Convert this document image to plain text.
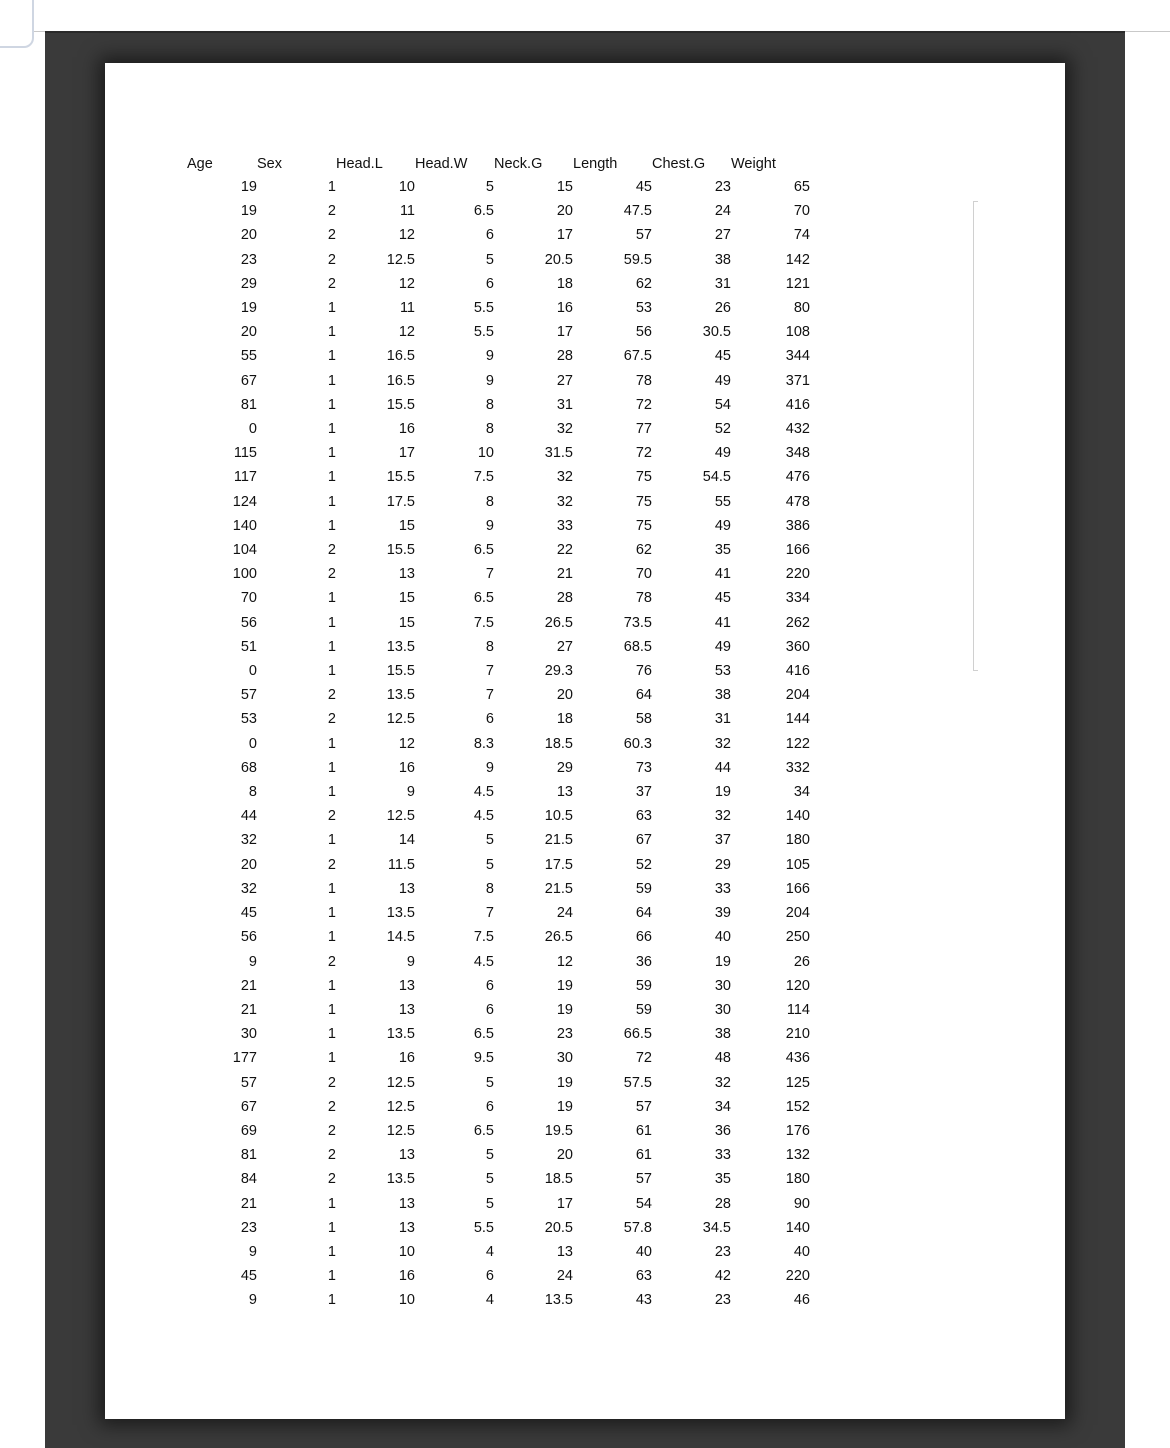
Age	Sex	Head.L	Head.W	Neck.G	Length	Chest.G	Weight
19	1	10	5	15	45	23	65
19	2	11	6.5	20	47.5	24	70
20	2	12	6	17	57	27	74
23	2	12.5	5	20.5	59.5	38	142
29	2	12	6	18	62	31	121
19	1	11	5.5	16	53	26	80
20	1	12	5.5	17	56	30.5	108
55	1	16.5	9	28	67.5	45	344
67	1	16.5	9	27	78	49	371
81	1	15.5	8	31	72	54	416
0	1	16	8	32	77	52	432
115	1	17	10	31.5	72	49	348
117	1	15.5	7.5	32	75	54.5	476
124	1	17.5	8	32	75	55	478
140	1	15	9	33	75	49	386
104	2	15.5	6.5	22	62	35	166
100	2	13	7	21	70	41	220
70	1	15	6.5	28	78	45	334
56	1	15	7.5	26.5	73.5	41	262
51	1	13.5	8	27	68.5	49	360
0	1	15.5	7	29.3	76	53	416
57	2	13.5	7	20	64	38	204
53	2	12.5	6	18	58	31	144
0	1	12	8.3	18.5	60.3	32	122
68	1	16	9	29	73	44	332
8	1	9	4.5	13	37	19	34
44	2	12.5	4.5	10.5	63	32	140
32	1	14	5	21.5	67	37	180
20	2	11.5	5	17.5	52	29	105
32	1	13	8	21.5	59	33	166
45	1	13.5	7	24	64	39	204
56	1	14.5	7.5	26.5	66	40	250
9	2	9	4.5	12	36	19	26
21	1	13	6	19	59	30	120
21	1	13	6	19	59	30	114
30	1	13.5	6.5	23	66.5	38	210
177	1	16	9.5	30	72	48	436
57	2	12.5	5	19	57.5	32	125
67	2	12.5	6	19	57	34	152
69	2	12.5	6.5	19.5	61	36	176
81	2	13	5	20	61	33	132
84	2	13.5	5	18.5	57	35	180
21	1	13	5	17	54	28	90
23	1	13	5.5	20.5	57.8	34.5	140
9	1	10	4	13	40	23	40
45	1	16	6	24	63	42	220
9	1	10	4	13.5	43	23	46
